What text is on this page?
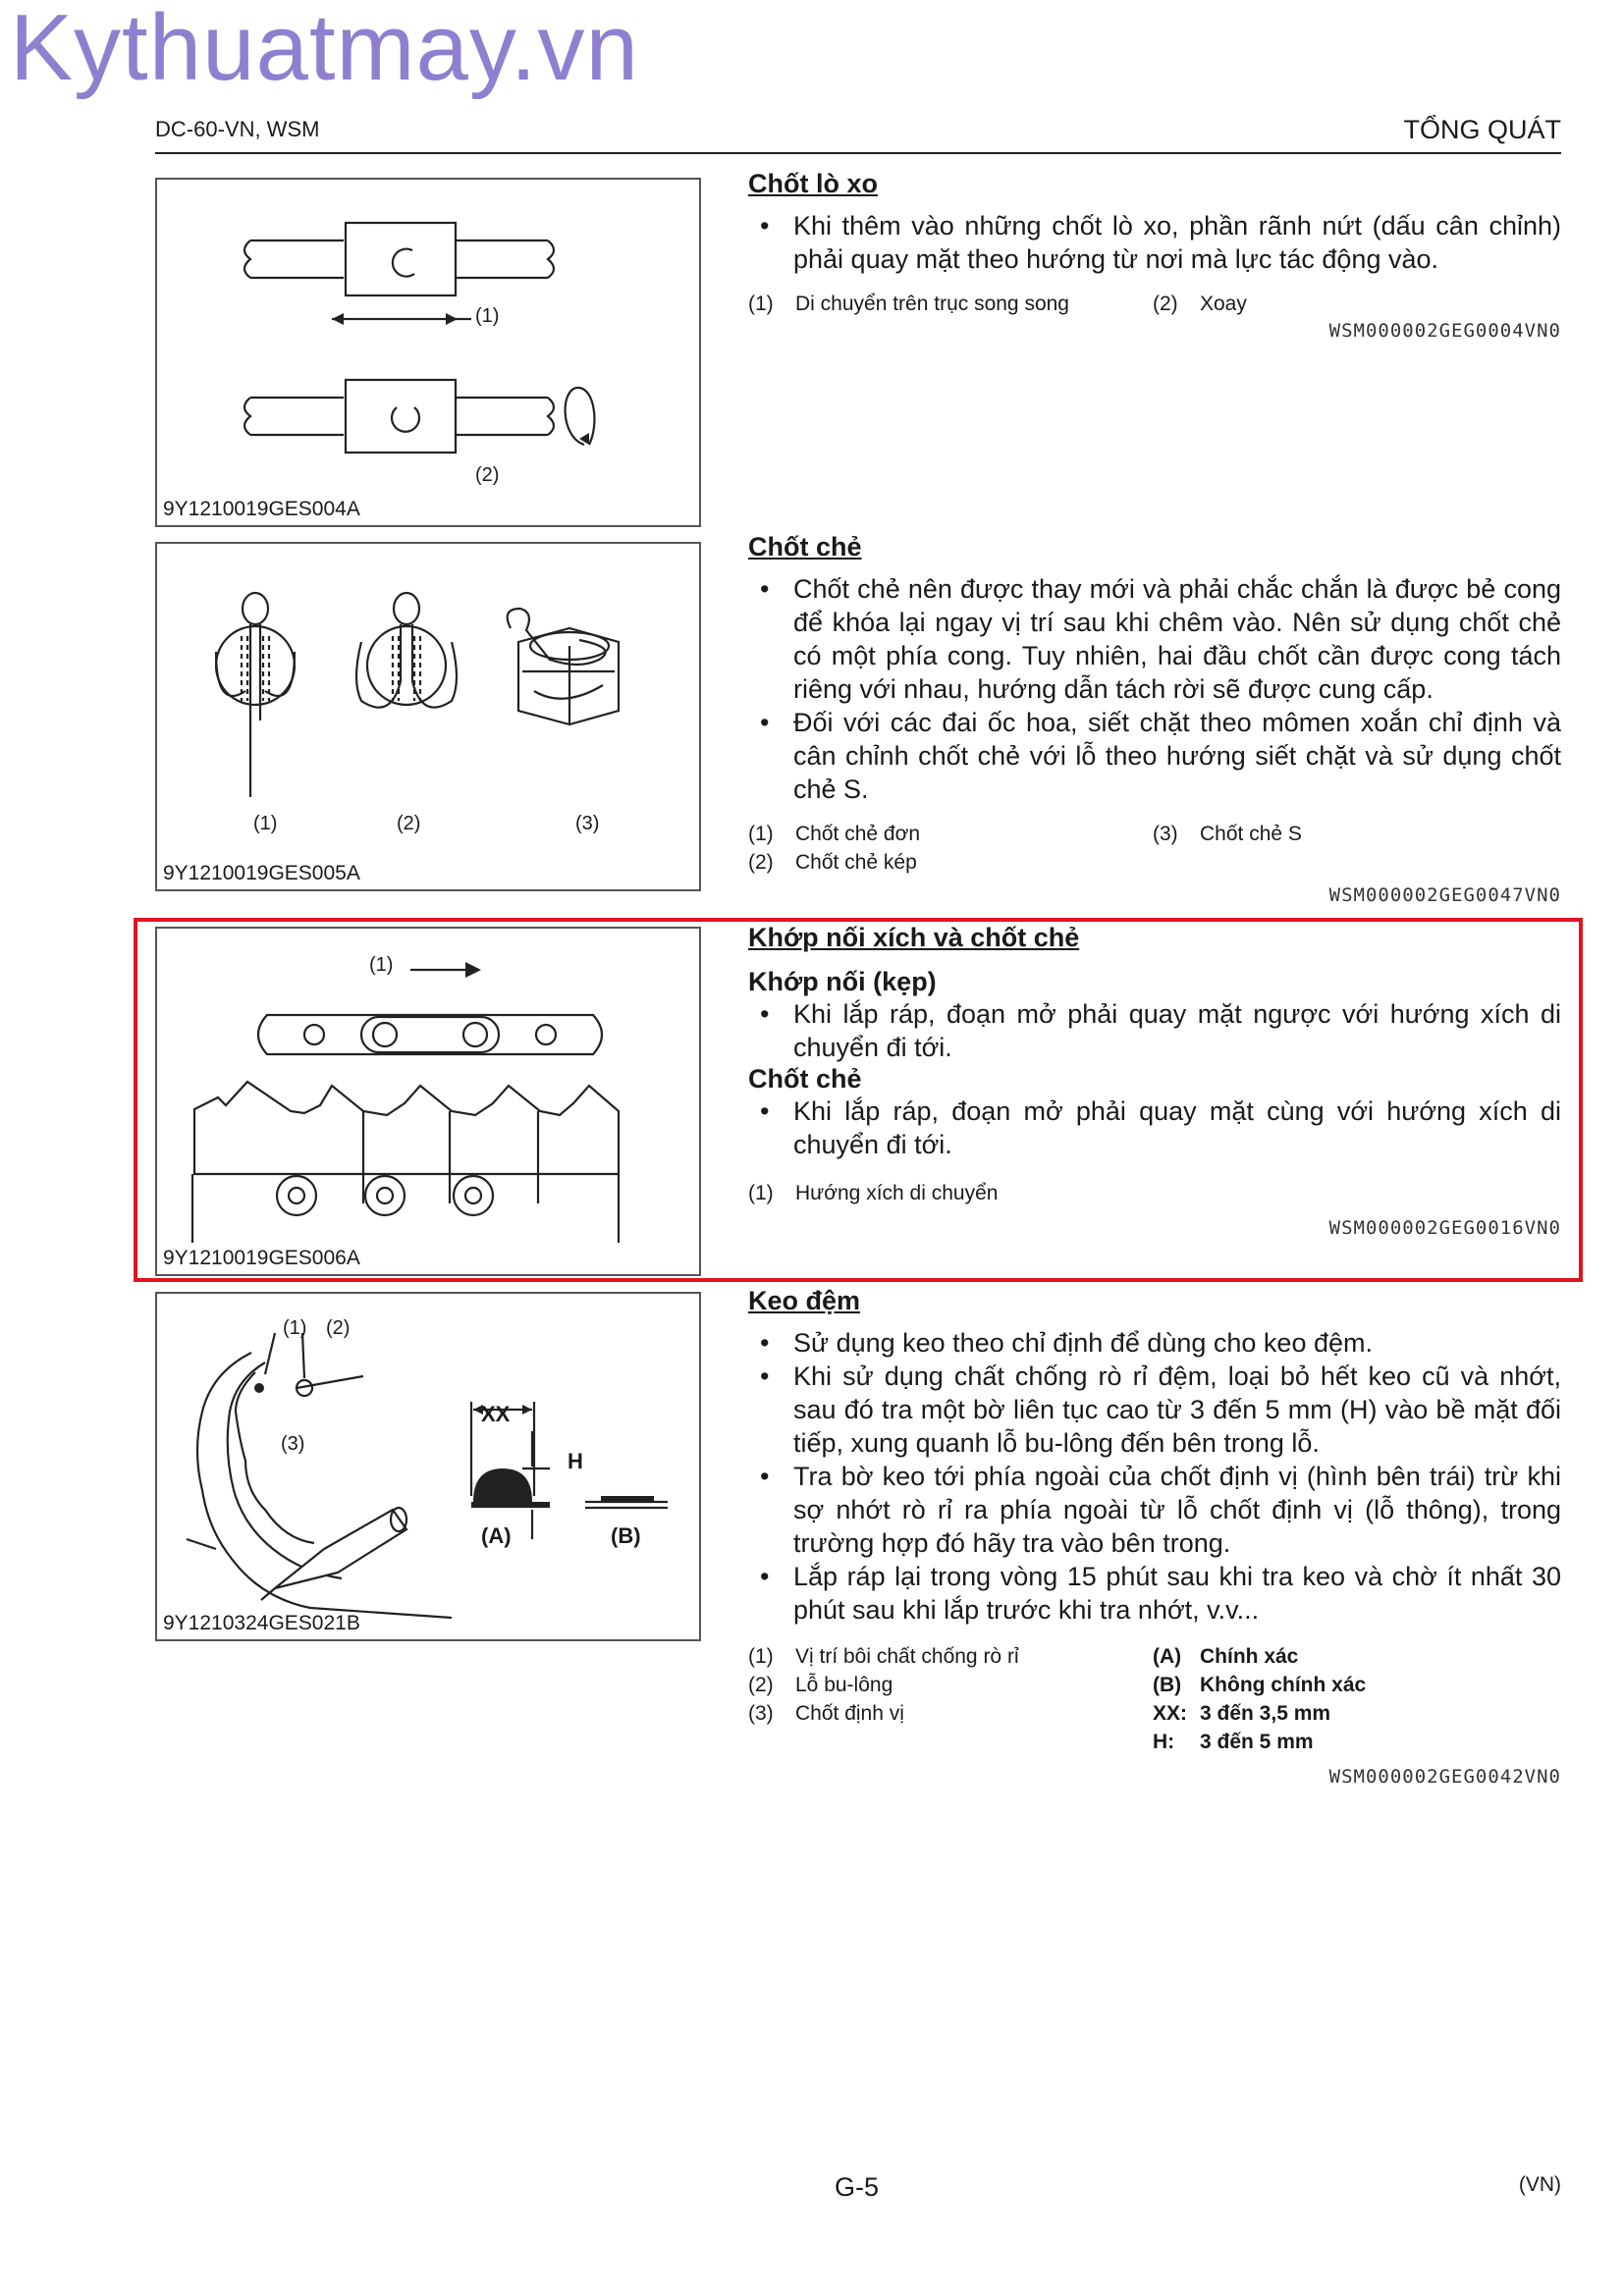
Kythuatmay.vn
DC-60-VN, WSM	TỔNG QUÁT
(1)
(2)
9Y1210019GES004A
(1)	(2)	(3)
9Y1210019GES005A
(1)
9Y1210019GES006A
(1) (2)
(3)
XX
H
(A)	(B)
9Y1210324GES021B
Chốt lò xo
• Khi thêm vào những chốt lò xo, phần rãnh nứt (dấu cân chỉnh) phải quay mặt theo hướng từ nơi mà lực tác động vào.
(1)	Di chuyển trên trục song song	(2)	Xoay
WSM000002GEG0004VN0
Chốt chẻ
• Chốt chẻ nên được thay mới và phải chắc chắn là được bẻ cong để khóa lại ngay vị trí sau khi chêm vào. Nên sử dụng chốt chẻ có một phía cong. Tuy nhiên, hai đầu chốt cần được cong tách riêng với nhau, hướng dẫn tách rời sẽ được cung cấp.
• Đối với các đai ốc hoa, siết chặt theo mômen xoắn chỉ định và cân chỉnh chốt chẻ với lỗ theo hướng siết chặt và sử dụng chốt chẻ S.
(1)	Chốt chẻ đơn	(3)	Chốt chẻ S
(2)	Chốt chẻ kép
WSM000002GEG0047VN0
Khớp nối xích và chốt chẻ
Khớp nối (kẹp)
• Khi lắp ráp, đoạn mở phải quay mặt ngược với hướng xích di chuyển đi tới.
Chốt chẻ
• Khi lắp ráp, đoạn mở phải quay mặt cùng với hướng xích di chuyển đi tới.
(1)	Hướng xích di chuyển
WSM000002GEG0016VN0
Keo đệm
• Sử dụng keo theo chỉ định để dùng cho keo đệm.
• Khi sử dụng chất chống rò rỉ đệm, loại bỏ hết keo cũ và nhớt, sau đó tra một bờ liên tục cao từ 3 đến 5 mm (H) vào bề mặt đối tiếp, xung quanh lỗ bu-lông đến bên trong lỗ.
• Tra bờ keo tới phía ngoài của chốt định vị (hình bên trái) trừ khi sợ nhớt rò rỉ ra phía ngoài từ lỗ chốt định vị (lỗ thông), trong trường hợp đó hãy tra vào bên trong.
• Lắp ráp lại trong vòng 15 phút sau khi tra keo và chờ ít nhất 30 phút sau khi lắp trước khi tra nhớt, v.v...
(1)	Vị trí bôi chất chống rò rỉ	(A) Chính xác
(2)	Lỗ bu-lông	(B) Không chính xác
(3)	Chốt định vị	XX: 3 đến 3,5 mm
H:	3 đến 5 mm
WSM000002GEG0042VN0
G-5	(VN)
